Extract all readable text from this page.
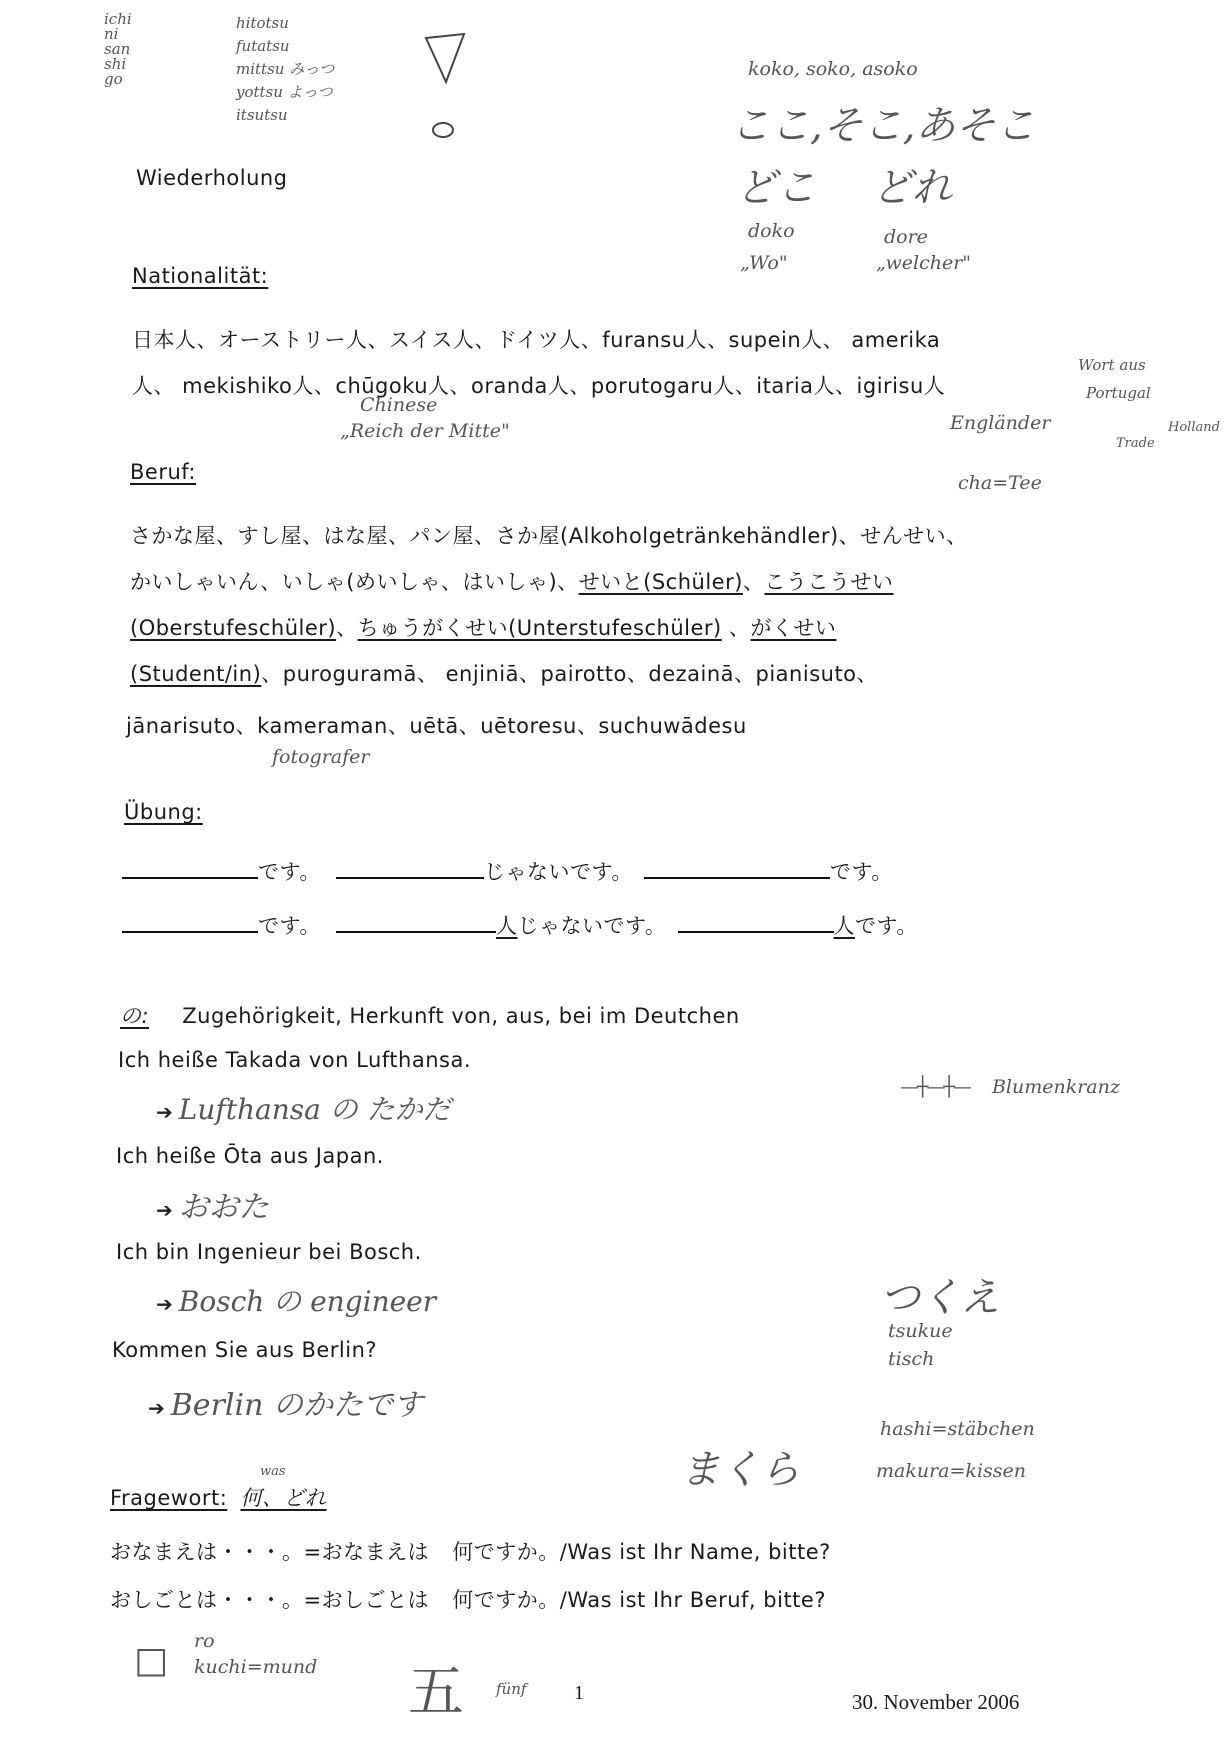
ichi
ni
san
shi
go
hitotsu
futatsu
mittsu みっつ
yottsu よっつ
itsutsu
koko, soko, asoko
ここ,そこ,あそこ
どこ どれ
doko	dore
„Wo"	„welcher"
Wiederholung
Nationalität:
日本人、オーストリー人、スイス人、ドイツ人、furansu人、supein人、 amerika
人、 mekishiko人、chūgoku人、oranda人、porutogaru人、itaria人、igirisu人
Chinese
„Reich der Mitte"
Wort aus
Portugal
Engländer	Holland
Trade
Beruf:	cha=Tee
さかな屋、すし屋、はな屋、パン屋、さか屋(Alkoholgetränkehändler)、せんせい、
かいしゃいん、いしゃ(めいしゃ、はいしゃ)、せいと(Schüler)、こうこうせい
(Oberstufeschüler)、ちゅうがくせい(Unterstufeschüler) 、がくせい
(Student/in)、puroguramā、 enjiniā、pairotto、dezainā、pianisuto、
jānarisuto、kameraman、uētā、uētoresu、suchuwādesu
fotografer
Übung:
です。	じゃないです。	です。
です。	人じゃないです。	人です。
の: Zugehörigkeit, Herkunft von, aus, bei im Deutchen
Ich heiße Takada von Lufthansa.
➔ Lufthansa の たかだ
—┼—┼— Blumenkranz
Ich heiße Ōta aus Japan.
➔ おおた
Ich bin Ingenieur bei Bosch.
➔ Bosch の engineer	つくえ
tsukue
tisch
Kommen Sie aus Berlin?
➔ Berlin のかたです
hashi=stäbchen
まくら	makura=kissen
was
Fragewort: 何、どれ
おなまえは・・・。=おなまえは 何ですか。/Was ist Ihr Name, bitte?
おしごとは・・・。=おしごとは 何ですか。/Was ist Ihr Beruf, bitte?
□ ro
kuchi=mund 五 fünf 1	30. November 2006
